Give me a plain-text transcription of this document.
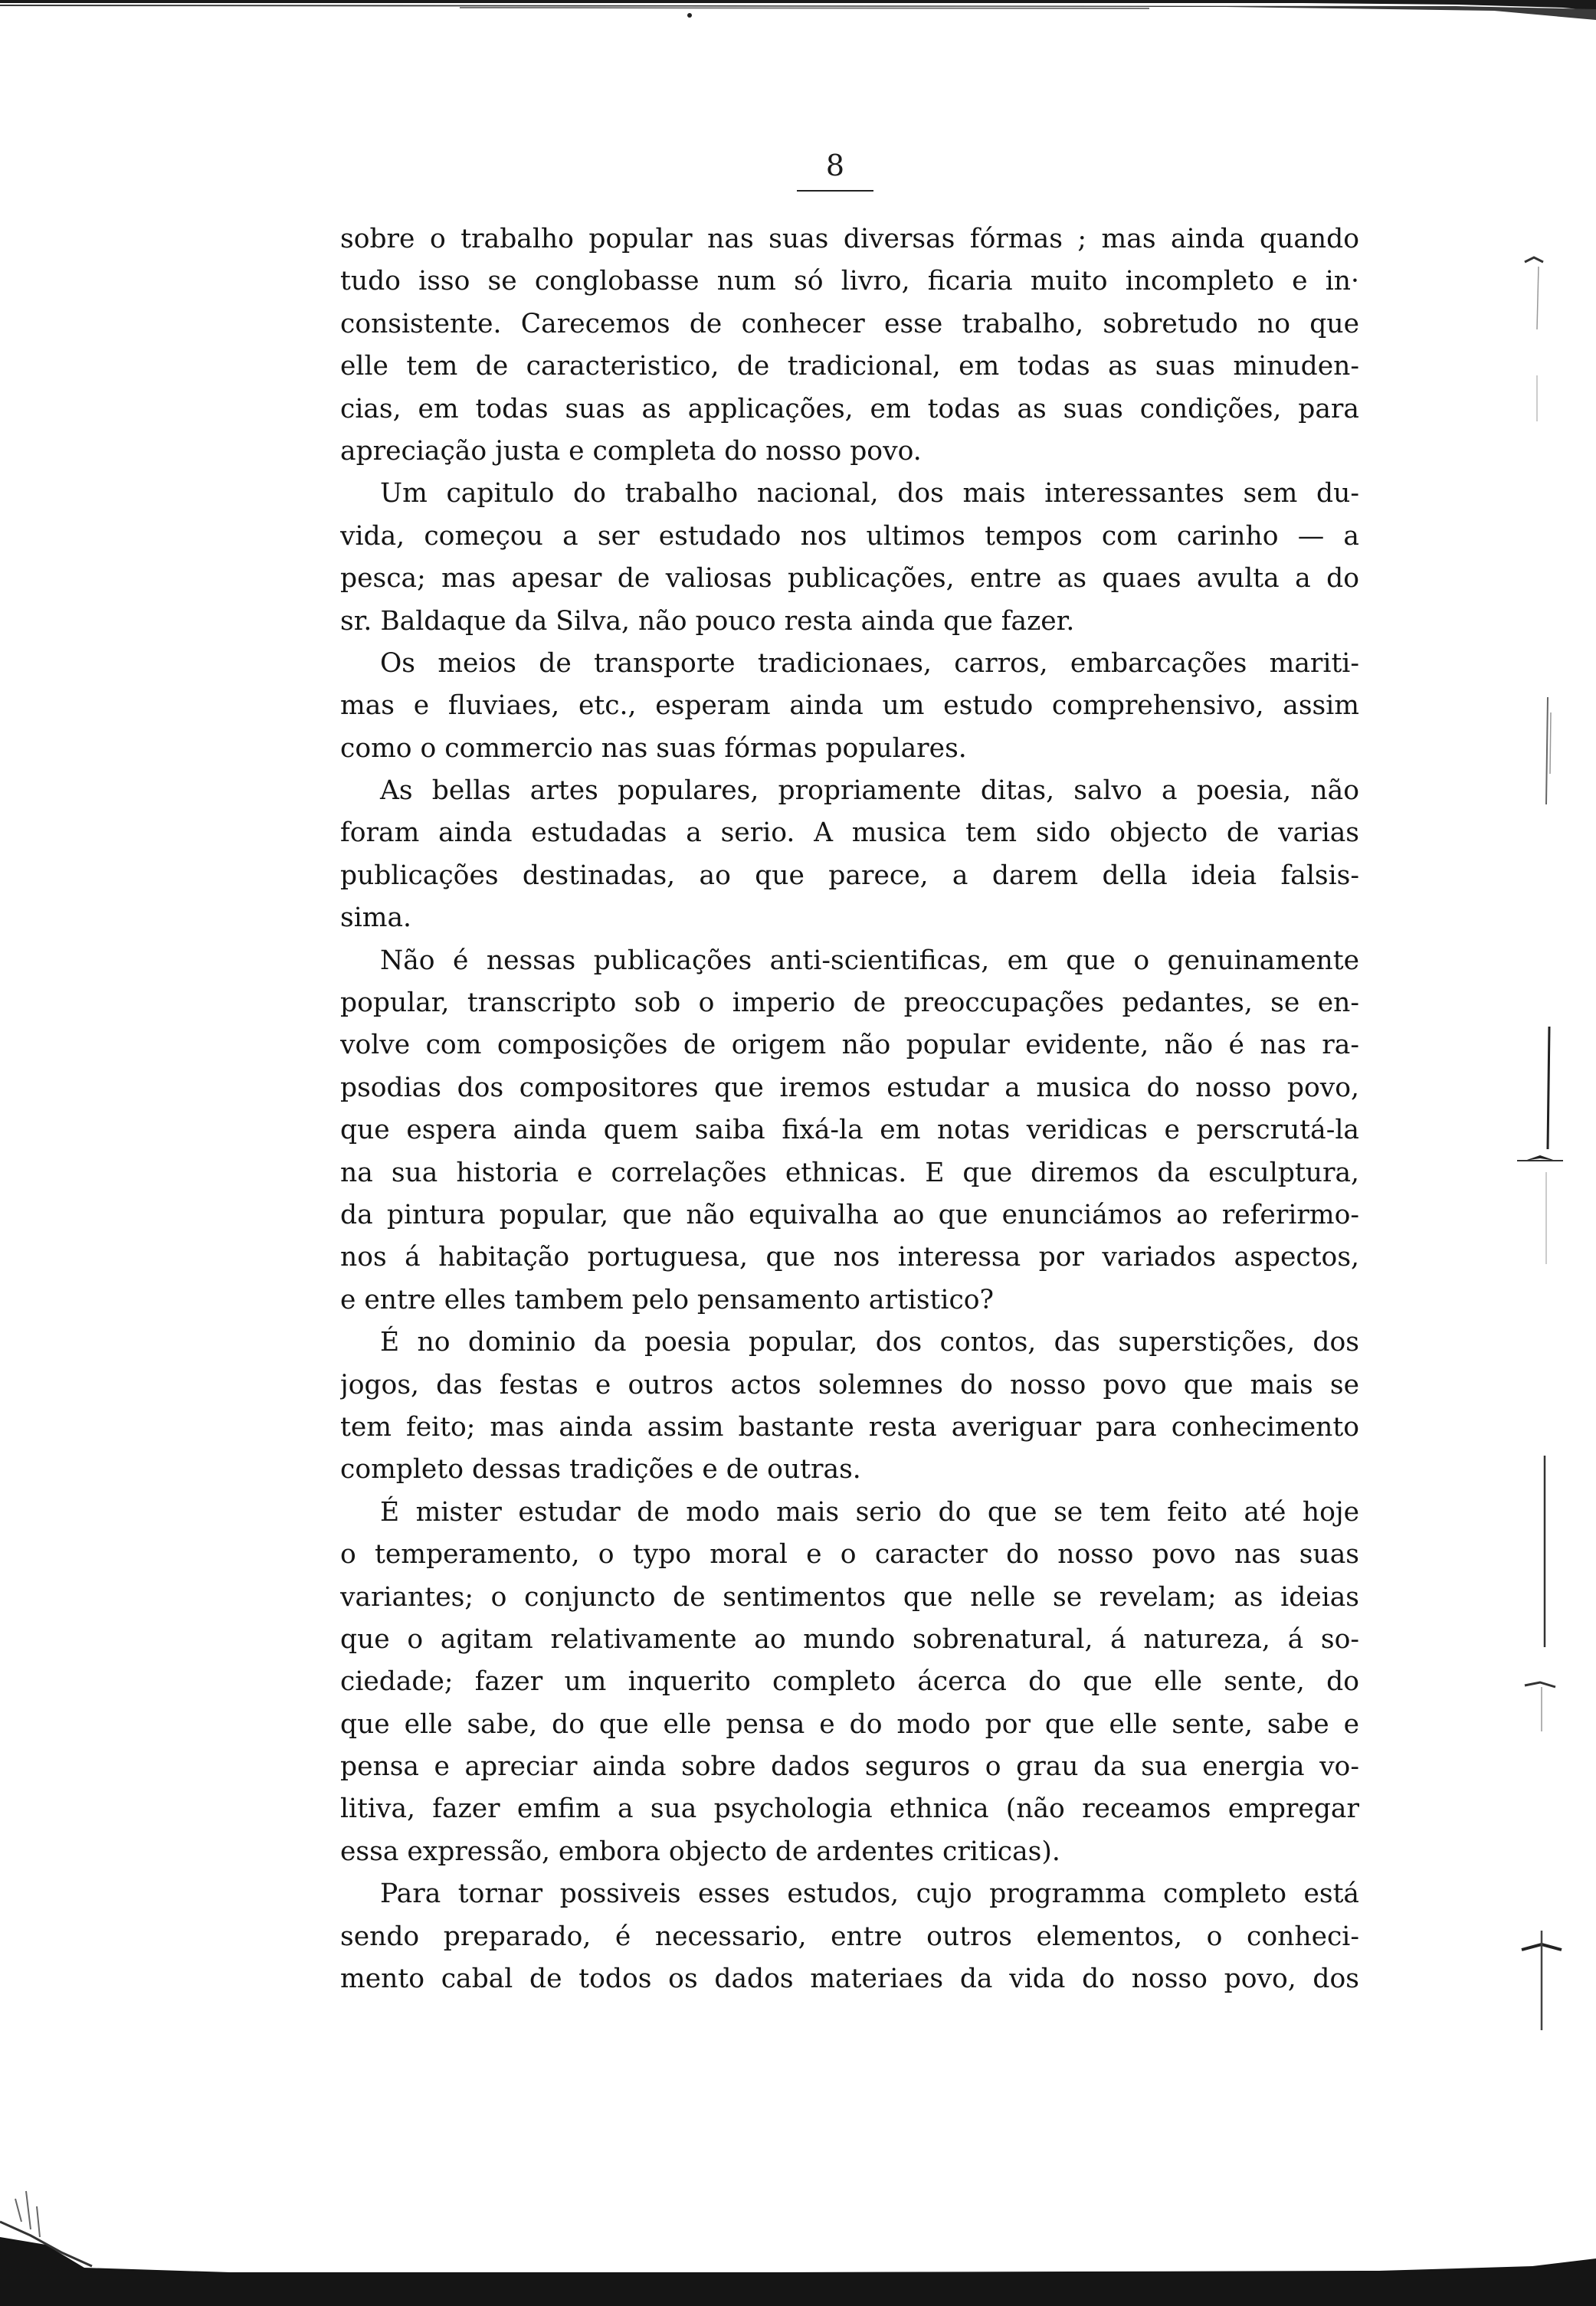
8
sobre o trabalho popular nas suas diversas fórmas ; mas ainda quando
tudo isso se conglobasse num só livro, ficaria muito incompleto e in·
consistente. Carecemos de conhecer esse trabalho, sobretudo no que
elle tem de caracteristico, de tradicional, em todas as suas minuden-
cias, em todas suas as applicações, em todas as suas condições, para
apreciação justa e completa do nosso povo.
Um capitulo do trabalho nacional, dos mais interessantes sem du-
vida, começou a ser estudado nos ultimos tempos com carinho — a
pesca; mas apesar de valiosas publicações, entre as quaes avulta a do
sr. Baldaque da Silva, não pouco resta ainda que fazer.
Os meios de transporte tradicionaes, carros, embarcações mariti-
mas e fluviaes, etc., esperam ainda um estudo comprehensivo, assim
como o commercio nas suas fórmas populares.
As bellas artes populares, propriamente ditas, salvo a poesia, não
foram ainda estudadas a serio. A musica tem sido objecto de varias
publicações destinadas, ao que parece, a darem della ideia falsis-
sima.
Não é nessas publicações anti-scientificas, em que o genuinamente
popular, transcripto sob o imperio de preoccupações pedantes, se en-
volve com composições de origem não popular evidente, não é nas ra-
psodias dos compositores que iremos estudar a musica do nosso povo,
que espera ainda quem saiba fixá-la em notas veridicas e perscrutá-la
na sua historia e correlações ethnicas. E que diremos da esculptura,
da pintura popular, que não equivalha ao que enunciámos ao referirmo-
nos á habitação portuguesa, que nos interessa por variados aspectos,
e entre elles tambem pelo pensamento artistico?
É no dominio da poesia popular, dos contos, das superstições, dos
jogos, das festas e outros actos solemnes do nosso povo que mais se
tem feito; mas ainda assim bastante resta averiguar para conhecimento
completo dessas tradições e de outras.
É mister estudar de modo mais serio do que se tem feito até hoje
o temperamento, o typo moral e o caracter do nosso povo nas suas
variantes; o conjuncto de sentimentos que nelle se revelam; as ideias
que o agitam relativamente ao mundo sobrenatural, á natureza, á so-
ciedade; fazer um inquerito completo ácerca do que elle sente, do
que elle sabe, do que elle pensa e do modo por que elle sente, sabe e
pensa e apreciar ainda sobre dados seguros o grau da sua energia vo-
litiva, fazer emfim a sua psychologia ethnica (não receamos empregar
essa expressão, embora objecto de ardentes criticas).
Para tornar possiveis esses estudos, cujo programma completo está
sendo preparado, é necessario, entre outros elementos, o conheci-
mento cabal de todos os dados materiaes da vida do nosso povo, dos
